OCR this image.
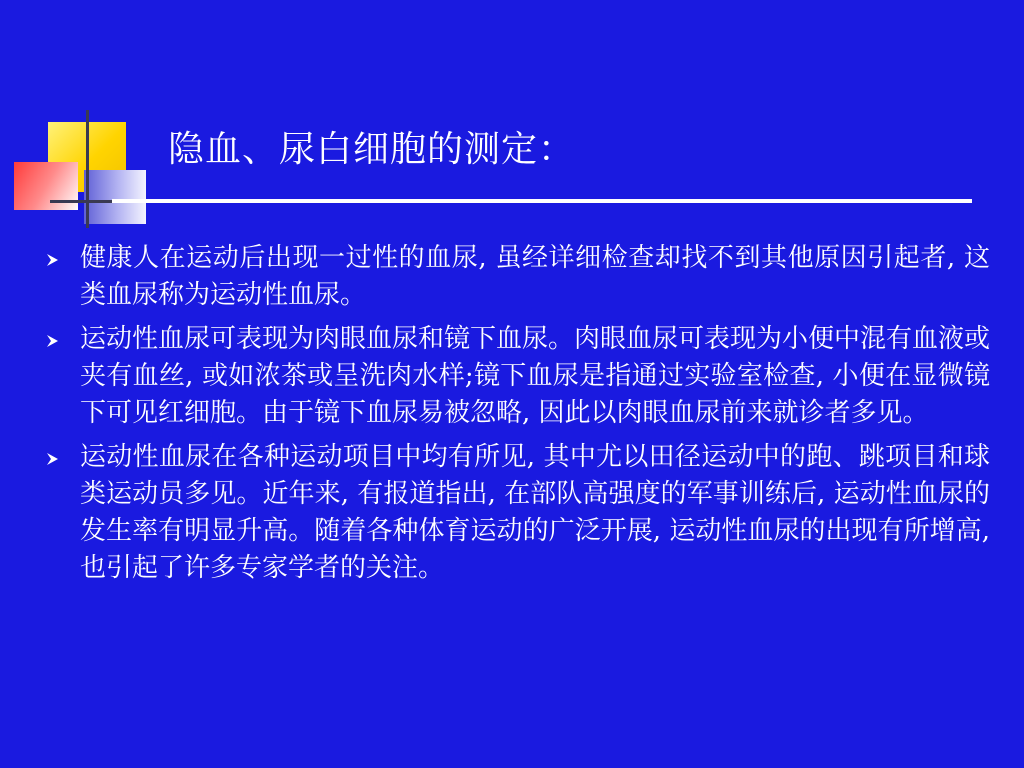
隐血、尿白细胞的测定：
健康人在运动后出现一过性的血尿, 虽经详细检查却找不到其他原因引起者, 这类血尿称为运动性血尿。
运动性血尿可表现为肉眼血尿和镜下血尿。肉眼血尿可表现为小便中混有血液或夹有血丝, 或如浓茶或呈洗肉水样;镜下血尿是指通过实验室检查, 小便在显微镜下可见红细胞。由于镜下血尿易被忽略, 因此以肉眼血尿前来就诊者多见。
运动性血尿在各种运动项目中均有所见, 其中尤以田径运动中的跑、跳项目和球类运动员多见。近年来, 有报道指出, 在部队高强度的军事训练后, 运动性血尿的发生率有明显升高。随着各种体育运动的广泛开展, 运动性血尿的出现有所增高, 也引起了许多专家学者的关注。
